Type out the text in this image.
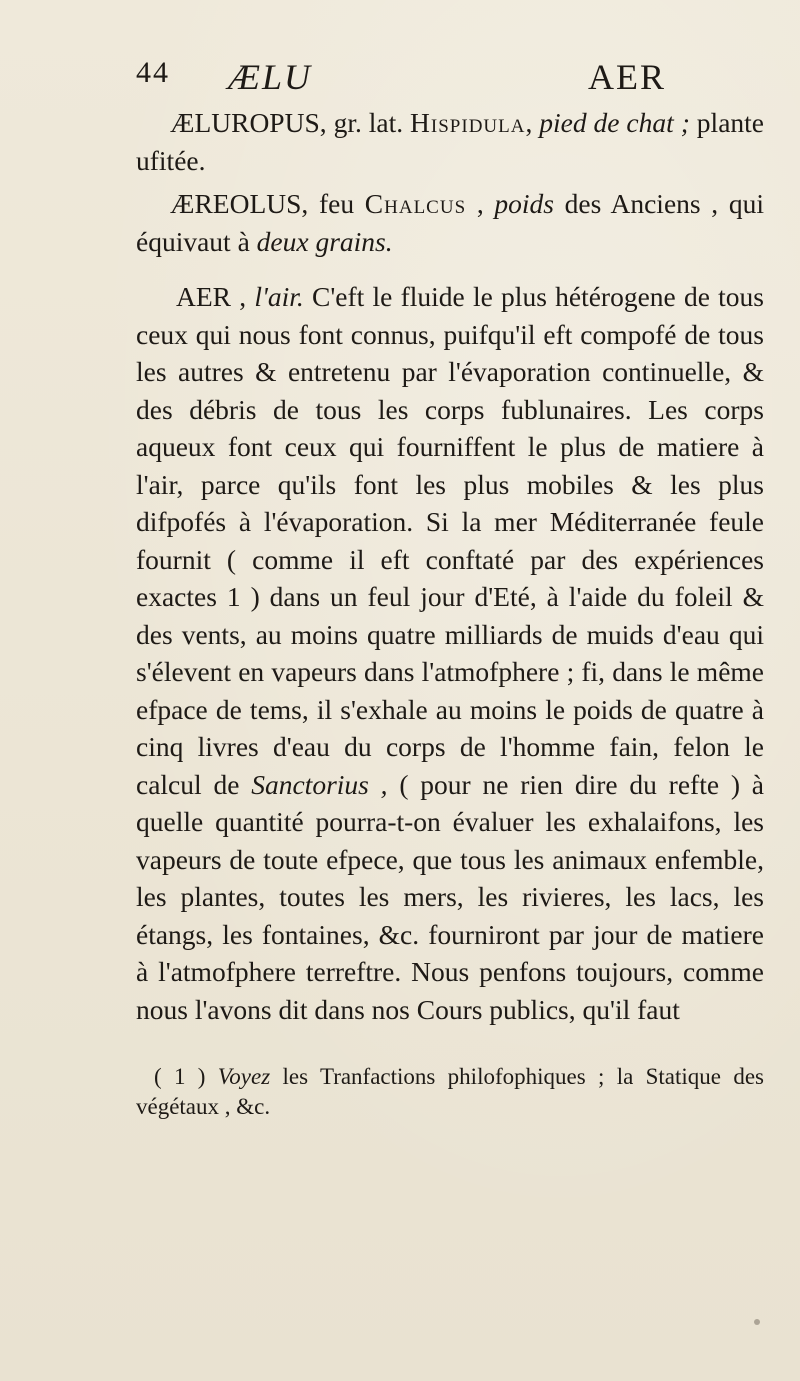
44 ÆLU	AER

ÆLUROPUS, gr. lat. Hispidula, pied de chat ; plante ufitée.

ÆREOLUS, feu Chalcus , poids des Anciens , qui équivaut à deux grains.

AER , l'air. C'eft le fluide le plus hétérogene de tous ceux qui nous font connus, puifqu'il eft compofé de tous les autres & entretenu par l'évaporation continuelle, & des débris de tous les corps fublunaires. Les corps aqueux font ceux qui fourniffent le plus de matiere à l'air, parce qu'ils font les plus mobiles & les plus difpofés à l'évaporation. Si la mer Méditerranée feule fournit ( comme il eft conftaté par des expériences exactes 1 ) dans un feul jour d'Eté, à l'aide du foleil & des vents, au moins quatre milliards de muids d'eau qui s'élevent en vapeurs dans l'atmofphere ; fi, dans le même efpace de tems, il s'exhale au moins le poids de quatre à cinq livres d'eau du corps de l'homme fain, felon le calcul de Sanctorius , ( pour ne rien dire du refte ) à quelle quantité pourra-t-on évaluer les exhalaifons, les vapeurs de toute efpece, que tous les animaux enfemble, les plantes, toutes les mers, les rivieres, les lacs, les étangs, les fontaines, &c. fourniront par jour de matiere à l'atmofphere terreftre. Nous penfons toujours, comme nous l'avons dit dans nos Cours publics, qu'il faut

( 1 ) Voyez les Tranfactions philofophiques ; la Statique des végétaux , &c.
